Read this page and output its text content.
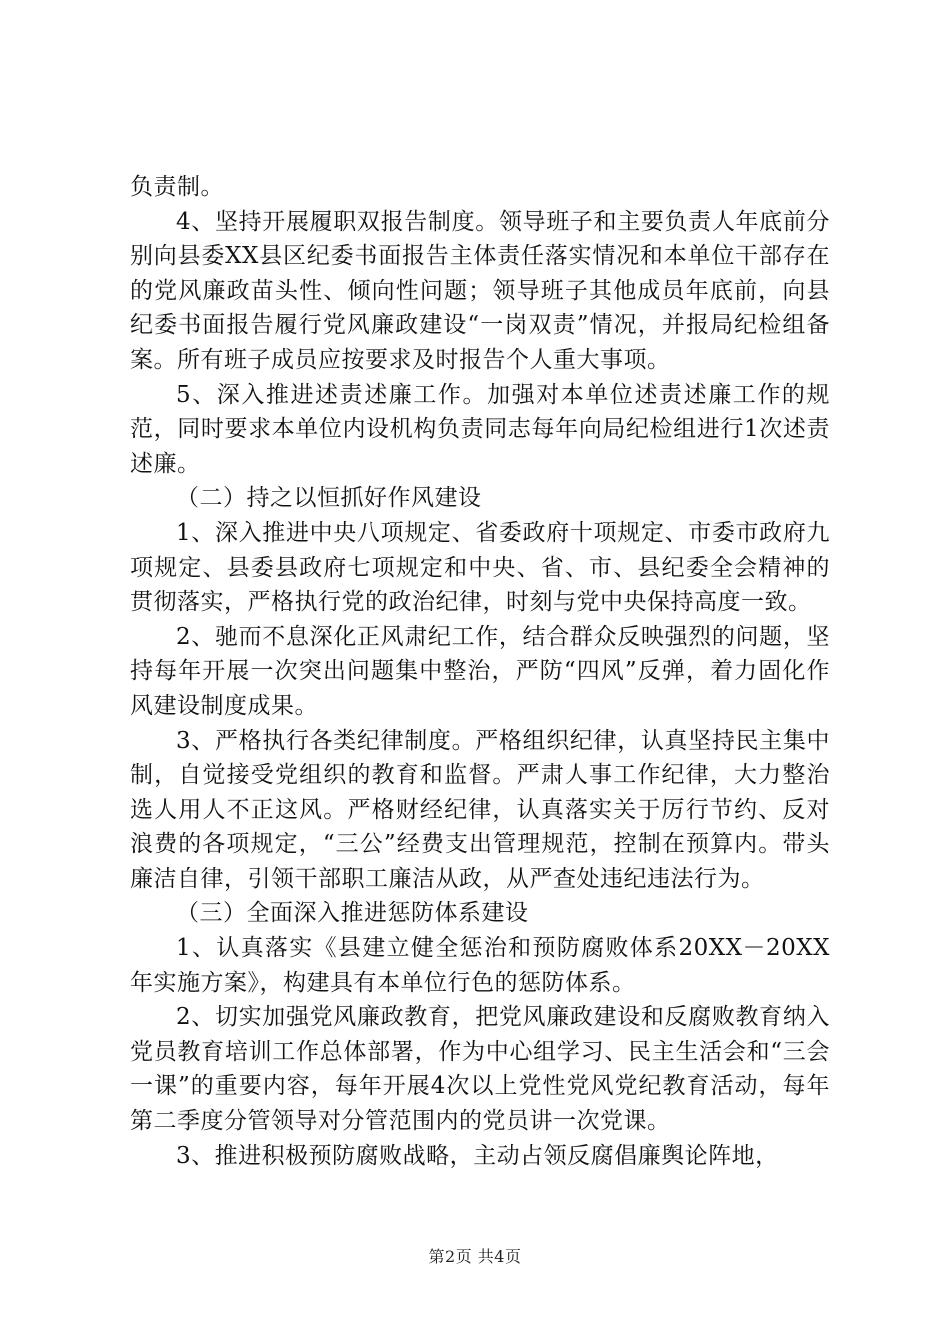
负责制。

4、坚持开展履职双报告制度。领导班子和主要负责人年底前分别向县委XX县区纪委书面报告主体责任落实情况和本单位干部存在的党风廉政苗头性、倾向性问题；领导班子其他成员年底前，向县纪委书面报告履行党风廉政建设“一岗双责”情况，并报局纪检组备案。所有班子成员应按要求及时报告个人重大事项。

5、深入推进述责述廉工作。加强对本单位述责述廉工作的规范，同时要求本单位内设机构负责同志每年向局纪检组进行1次述责述廉。

（二）持之以恒抓好作风建设

1、深入推进中央八项规定、省委政府十项规定、市委市政府九项规定、县委县政府七项规定和中央、省、市、县纪委全会精神的贯彻落实，严格执行党的政治纪律，时刻与党中央保持高度一致。

2、驰而不息深化正风肃纪工作，结合群众反映强烈的问题，坚持每年开展一次突出问题集中整治，严防“四风”反弹，着力固化作风建设制度成果。

3、严格执行各类纪律制度。严格组织纪律，认真坚持民主集中制，自觉接受党组织的教育和监督。严肃人事工作纪律，大力整治选人用人不正这风。严格财经纪律，认真落实关于厉行节约、反对浪费的各项规定，“三公”经费支出管理规范，控制在预算内。带头廉洁自律，引领干部职工廉洁从政，从严查处违纪违法行为。

（三）全面深入推进惩防体系建设

1、认真落实《县建立健全惩治和预防腐败体系20XX－20XX年实施方案》，构建具有本单位行色的惩防体系。

2、切实加强党风廉政教育，把党风廉政建设和反腐败教育纳入党员教育培训工作总体部署，作为中心组学习、民主生活会和“三会一课”的重要内容，每年开展4次以上党性党风党纪教育活动，每年第二季度分管领导对分管范围内的党员讲一次党课。

3、推进积极预防腐败战略，主动占领反腐倡廉舆论阵地，

第2页 共4页
